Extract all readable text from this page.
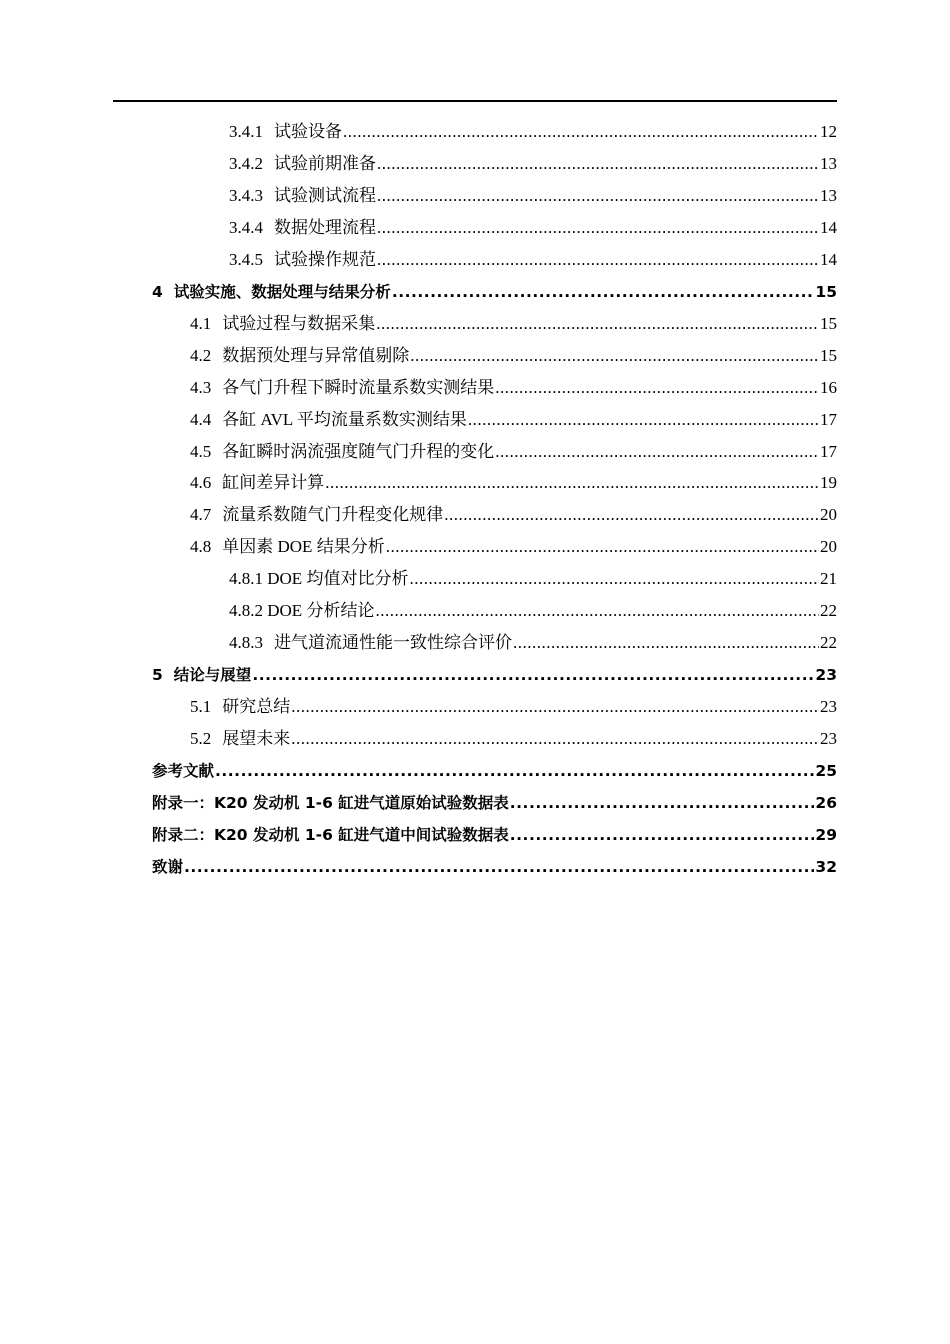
3.4.1 试验设备 .....	12
3.4.2 试验前期准备 .....	13
3.4.3 试验测试流程 .....	13
3.4.4 数据处理流程 .....	14
3.4.5 试验操作规范 .....	14
4 试验实施、数据处理与结果分析 .....	15
4.1 试验过程与数据采集 .....	15
4.2 数据预处理与异常值剔除 .....	15
4.3 各气门升程下瞬时流量系数实测结果 .....	16
4.4 各缸 AVL 平均流量系数实测结果 .....	17
4.5 各缸瞬时涡流强度随气门升程的变化 .....	17
4.6 缸间差异计算 .....	19
4.7 流量系数随气门升程变化规律 .....	20
4.8 单因素 DOE 结果分析 .....	20
4.8.1 DOE 均值对比分析 .....	21
4.8.2 DOE 分析结论 .....	22
4.8.3 进气道流通性能一致性综合评价 .....	22
5 结论与展望 .....	23
5.1 研究总结 .....	23
5.2 展望未来 .....	23
参考文献 .....	25
附录一：K20 发动机 1-6 缸进气道原始试验数据表 .....	26
附录二：K20 发动机 1-6 缸进气道中间试验数据表 .....	29
致谢 .....	32
